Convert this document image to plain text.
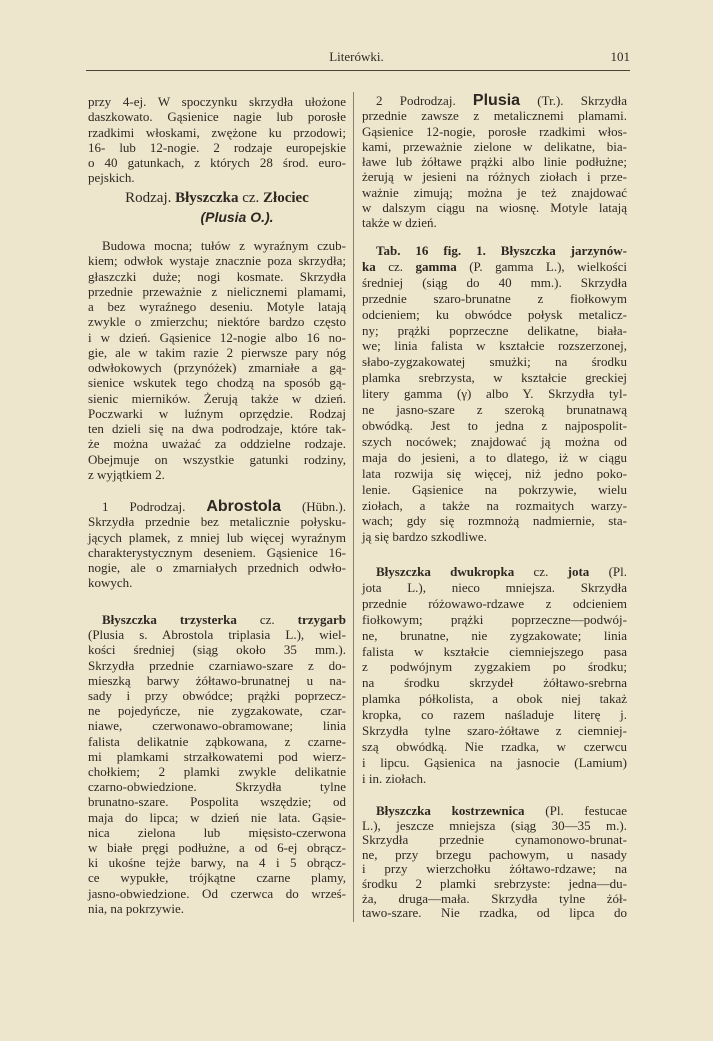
Literówki.	101
Rodzaj. Błyszczka cz. Złociec
(Plusia O.).
przy 4-ej. W spoczynku skrzydła ułożone
daszkowato. Gąsienice nagie lub porosłe
rzadkimi włoskami, zwężone ku przodowi;
16- lub 12-nogie. 2 rodzaje europejskie
o 40 gatunkach, z których 28 środ. euro-
pejskich.
Budowa mocna; tułów z wyraźnym czub-
kiem; odwłok wystaje znacznie poza skrzydła;
głaszczki duże; nogi kosmate. Skrzydła
przednie przeważnie z nielicznemi plamami,
a bez wyraźnego deseniu. Motyle latają
zwykle o zmierzchu; niektóre bardzo często
i w dzień. Gąsienice 12-nogie albo 16 no-
gie, ale w takim razie 2 pierwsze pary nóg
odwłokowych (przynóżek) zmarniałe a gą-
sienice wskutek tego chodzą na sposób gą-
sienic mierników. Żerują także w dzień.
Poczwarki w luźnym oprzędzie. Rodzaj
ten dzieli się na dwa podrodzaje, które tak-
że można uważać za oddzielne rodzaje.
Obejmuje on wszystkie gatunki rodziny,
z wyjątkiem 2.
1 Podrodzaj. Abrostola (Hübn.).
Skrzydła przednie bez metalicznie połysku-
jących plamek, z mniej lub więcej wyraźnym
charakterystycznym deseniem. Gąsienice 16-
nogie, ale o zmarniałych przednich odwło-
kowych.
Błyszczka trzysterka cz. trzygarb
(Plusia s. Abrostola triplasia L.), wiel-
kości średniej (siąg około 35 mm.).
Skrzydła przednie czarniawo-szare z do-
mieszką barwy żółtawo-brunatnej u na-
sady i przy obwódce; prążki poprzecz-
ne pojedyńcze, nie zygzakowate, czar-
niawe, czerwonawo-obramowane; linia
falista delikatnie ząbkowana, z czarne-
mi plamkami strzałkowatemi pod wierz-
chołkiem; 2 plamki zwykle delikatnie
czarno-obwiedzione. Skrzydła tylne
brunatno-szare. Pospolita wszędzie; od
maja do lipca; w dzień nie lata. Gąsie-
nica zielona lub mięsisto-czerwona
w białe pręgi podłużne, a od 6-ej obrącz-
ki ukośne tejże barwy, na 4 i 5 obrącz-
ce wypukłe, trójkątne czarne plamy,
jasno-obwiedzione. Od czerwca do wrześ-
nia, na pokrzywie.
2 Podrodzaj. Plusia (Tr.). Skrzydła
przednie zawsze z metalicznemi plamami.
Gąsienice 12-nogie, porosłe rzadkimi włos-
kami, przeważnie zielone w delikatne, bia-
ławe lub żółtawe prążki albo linie podłużne;
żerują w jesieni na różnych ziołach i prze-
ważnie zimują; można je też znajdować
w dalszym ciągu na wiosnę. Motyle latają
także w dzień.
Tab. 16 fig. 1. Błyszczka jarzynów-
ka cz. gamma (P. gamma L.), wielkości
średniej (siąg do 40 mm.). Skrzydła
przednie szaro-brunatne z fiołkowym
odcieniem; ku obwódce połysk metalicz-
ny; prążki poprzeczne delikatne, biała-
we; linia falista w kształcie rozszerzonej,
słabo-zygzakowatej smużki; na środku
plamka srebrzysta, w kształcie greckiej
litery gamma (γ) albo Y. Skrzydła tyl-
ne jasno-szare z szeroką brunatnawą
obwódką. Jest to jedna z najpospolit-
szych nocówek; znajdować ją można od
maja do jesieni, a to dlatego, iż w ciągu
lata rozwija się więcej, niż jedno poko-
lenie. Gąsienice na pokrzywie, wielu
ziołach, a także na rozmaitych warzy-
wach; gdy się rozmnożą nadmiernie, sta-
ją się bardzo szkodliwe.
Błyszczka dwukropka cz. jota (Pl.
jota L.), nieco mniejsza. Skrzydła
przednie różowawo-rdzawe z odcieniem
fiołkowym; prążki poprzeczne—podwój-
ne, brunatne, nie zygzakowate; linia
falista w kształcie ciemniejszego pasa
z podwójnym zygzakiem po środku;
na środku skrzydeł żółtawo-srebrna
plamka półkolista, a obok niej takaż
kropka, co razem naśladuje literę j.
Skrzydła tylne szaro-żółtawe z ciemniej-
szą obwódką. Nie rzadka, w czerwcu
i lipcu. Gąsienica na jasnocie (Lamium)
i in. ziołach.
Błyszczka kostrzewnica (Pl. festucae
L.), jeszcze mniejsza (siąg 30—35 m.).
Skrzydła przednie cynamonowo-brunat-
ne, przy brzegu pachowym, u nasady
i przy wierzchołku żółtawo-rdzawe; na
środku 2 plamki srebrzyste: jedna—du-
ża, druga—mała. Skrzydła tylne żół-
tawo-szare. Nie rzadka, od lipca do
